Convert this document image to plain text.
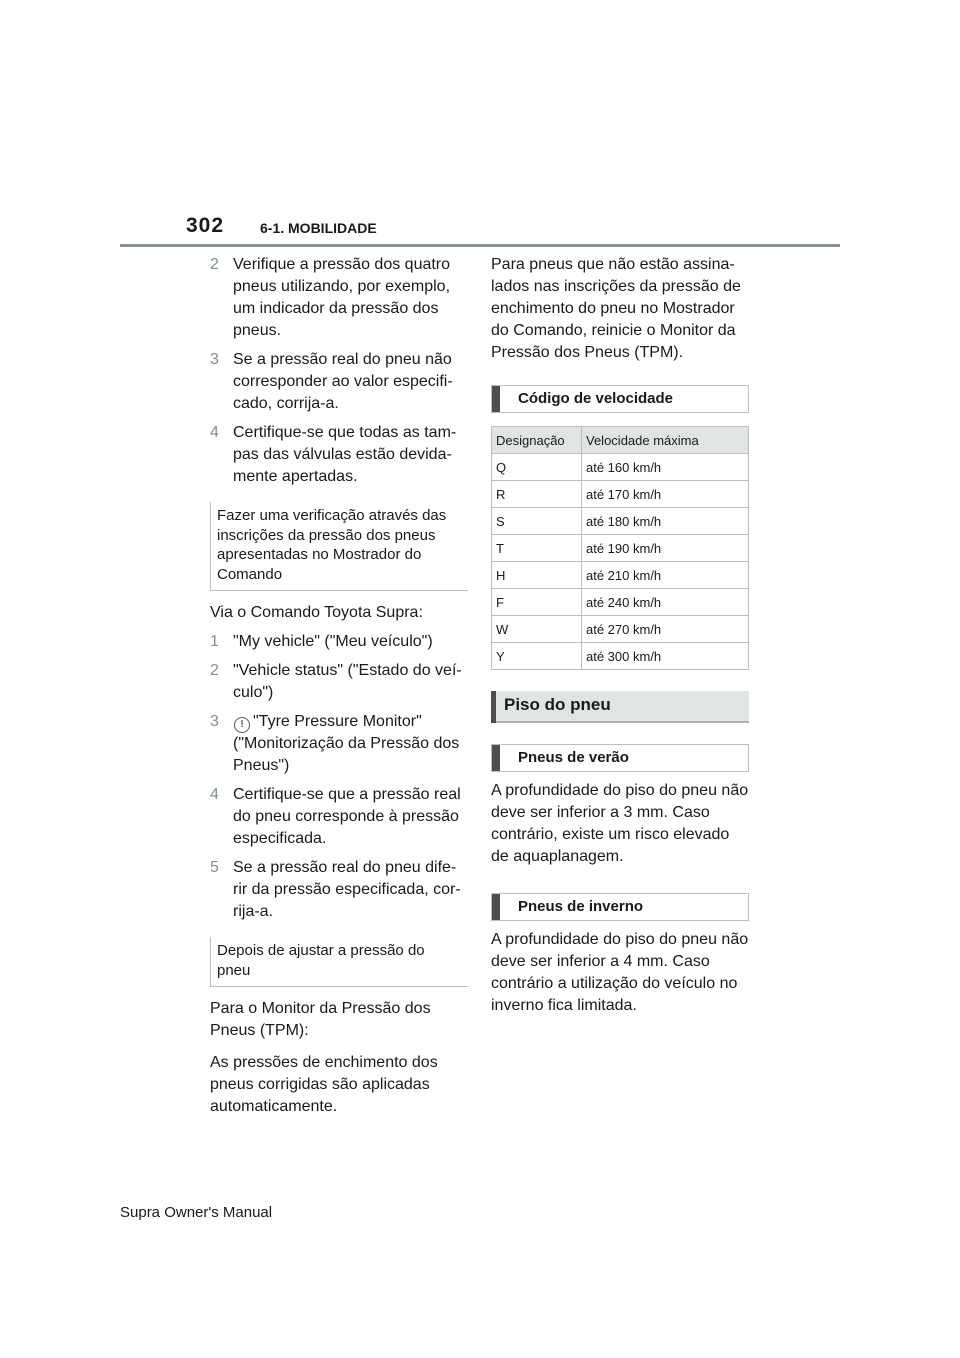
302	6-1. MOBILIDADE
2 Verifique a pressão dos quatro pneus utilizando, por exemplo, um indicador da pressão dos pneus.
3 Se a pressão real do pneu não corresponder ao valor especifi-cado, corrija-a.
4 Certifique-se que todas as tam-pas das válvulas estão devida-mente apertadas.
Fazer uma verificação através das inscrições da pressão dos pneus apresentadas no Mostrador do Comando
Via o Comando Toyota Supra:
1 "My vehicle" ("Meu veículo")
2 "Vehicle status" ("Estado do veí-culo")
3	! "Tyre Pressure Monitor" ("Monitorização da Pressão dos Pneus")
4 Certifique-se que a pressão real do pneu corresponde à pressão especificada.
5 Se a pressão real do pneu dife-rir da pressão especificada, cor-rija-a.
Depois de ajustar a pressão do pneu
Para o Monitor da Pressão dos Pneus (TPM):
As pressões de enchimento dos pneus corrigidas são aplicadas automaticamente.
Para pneus que não estão assina-lados nas inscrições da pressão de enchimento do pneu no Mostrador do Comando, reinicie o Monitor da Pressão dos Pneus (TPM).
Código de velocidade
Designação	Velocidade máxima
Q	até 160 km/h
R	até 170 km/h
S	até 180 km/h
T	até 190 km/h
H	até 210 km/h
F	até 240 km/h
W	até 270 km/h
Y	até 300 km/h
Piso do pneu
Pneus de verão
A profundidade do piso do pneu não deve ser inferior a 3 mm. Caso contrário, existe um risco elevado de aquaplanagem.
Pneus de inverno
A profundidade do piso do pneu não deve ser inferior a 4 mm. Caso contrário a utilização do veículo no inverno fica limitada.
Supra Owner's Manual
